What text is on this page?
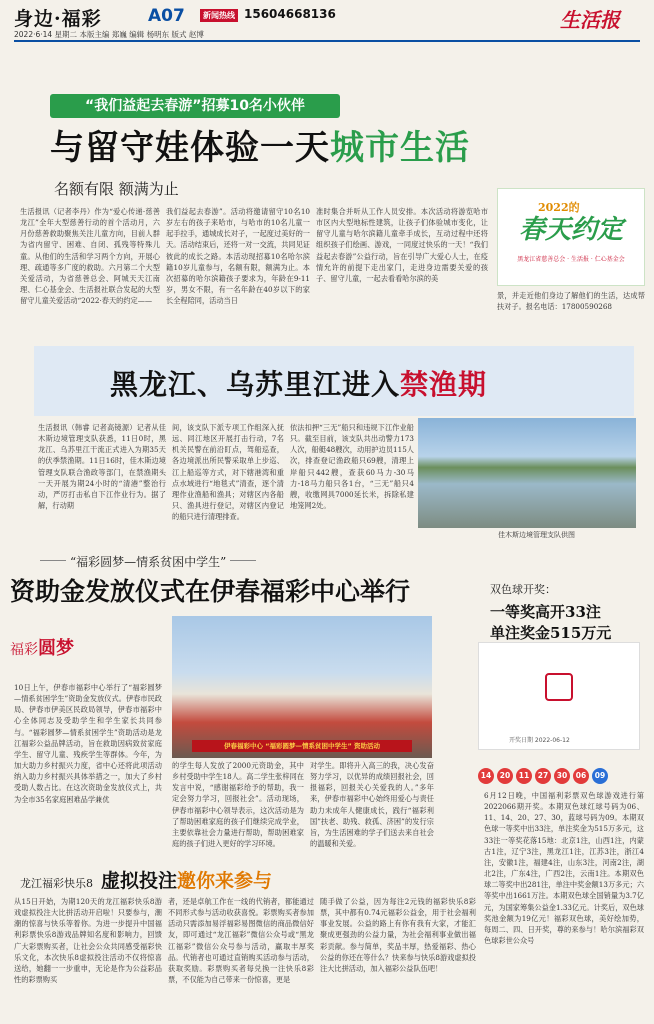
身边·福彩	A07	新闻热线 15604668136	生活报
2022·6·14 星期二 本版主编 郑巍 编辑 杨明东 版式 赵博
“我们益起去春游”招募10名小伙伴
与留守娃体验一天城市生活
名额有限 额满为止
生活报讯（记者李丹）作为“爱心传递·慈善龙江”全年大型慈善行动的首个活动月，六月份慈善救助聚焦关注儿童方向，目前人群为省内留守、困难、自闭、孤残等特殊儿童。从他们的生活和学习两个方向，开展心理、疏通等多广度的救助。六月第二个大型关爱活动，为省慈善总会、阿城天天江南理、仁心基金会、生活报社联合发起的大型留守儿童关爱活动“2022·春天的约定——
我们益起去春游”。活动将邀请留守10名10岁左右的孩子来哈市，与哈市的10名儿童一起手拉手，通城成长对子，一起度过美好的一天。活动结束后，还将一对一交流，共同见证彼此的成长之路。本活动现招募10名哈尔滨籍10岁儿童参与，名额有限，额满为止。本次招募的哈尔滨籍孩子要求为，年龄在9-11岁，男女不限，有一名年龄在40岁以下的家长全程陪同，活动当日
准时集合并听从工作人员安排。本次活动将游览哈市市区内大型地标性建筑，让孩子们体验城市变化，让留守儿童与哈尔滨籍儿童牵手成长，互动过程中还将组织孩子们绘画、游戏，一同度过快乐的一天！“我们益起去春游”公益行动，旨在引导广大爱心人士，在疫情允许的前提下走出家门，走进身边需要关爱的孩子、留守儿童，一起去看看哈尔滨的美
2022的
春天约定
黑龙江省慈善总会 · 生活报 · 仁心基金会
景，并走近他们身边了解他们的生活，达成帮扶对子。报名电话：17800590268
黑龙江、乌苏里江进入禁渔期
生活报讯（韩睿 记者高镜源）记者从佳木斯边境管理支队获悉，11日0时，黑龙江、乌苏里江干流正式进入为期35天的伏季禁渔期。11日16时，佳木斯边境管理支队联合渔政等部门，在禁渔期头一天开展为期24小时的“清港”整治行动，严厉打击私自下江作业行为。据了解，行动期
间，该支队下派专项工作组深入抚远、同江地区开展打击行动，7名机关民警在前沿盯点，驾船巡查，各边境派出所民警采取单上步巡、江上船巡等方式，对下辖港湾和重点水域进行“地毯式”清查，逐个清理作业渔船和渔具；对辖区内各船只、渔具进行登记，对辖区内登记的船只进行清理排查。
依法扣押“三无”船只和违规下江作业船只。截至目前，该支队共出动警力173人次，船艇48艘次，动用护边员115人次，排查登记渔政船只69艘，清理上岸船只442艘，查获60马力-30马力-18马力船只各1台，“三无”船只4艘，收缴网具7000延长米，拆除私建地笼网2处。
佳木斯边境管理支队供图
“福彩圆梦—情系贫困中学生”
资助金发放仪式在伊春福彩中心举行
福彩圆梦
伊春福彩中心 “福彩圆梦—情系贫困中学生” 资助活动
10日上午，伊春市福彩中心举行了“福彩圆梦—情系贫困学生”资助金发放仪式。伊春市民政局、伊春市伊美区民政局领导，伊春市福彩中心全体同志及受助学生和学生家长共同参与。“福彩圆梦—情系贫困学生”资助活动是龙江福彩公益品牌活动，旨在救助因病致贫家庭学生、留守儿童、残疾学生等群体。今年，为加大助力乡村振兴力度，省中心还将此项活动纳入助力乡村振兴具体举措之一，加大了乡村受助人数占比。在这次资助金发放仪式上，共为全市35名家庭困难品学兼优
的学生每人发放了2000元资助金，其中乡村受助中学生18人。高二学生张梓同在发言中说，“感谢福彩给予的帮助，我一定会努力学习，回报社会”。活动现场，伊春市福彩中心领导表示，这次活动是为了帮助困难家庭的孩子们继续完成学业，主要依靠社会力量进行帮助，帮助困难家庭的孩子们进入更好的学习环境。
对学生。即将升入高三的我，决心发奋努力学习，以优异的成绩回报社会，回报福彩，回报关心关爱我的人。”多年来，伊春市福彩中心始终用爱心与责任助力未成年人健康成长，践行“福彩利国”扶老、助残、救孤、济困”的发行宗旨，为生活困难的学子们送去来自社会的温暖和关爱。
双色球开奖：
一等奖高开33注
单注奖金515万元
开奖日期 2022-06-12
14 20 11 27 30 06 09
6月12日晚，中国福利彩票双色球游戏进行第2022066期开奖。本期双色球红球号码为06、11、14、20、27、30，蓝球号码为09。本期双色球一等奖中出33注，单注奖金为515万多元，这33注一等奖花落15地：北京1注，山西1注，内蒙古1注，辽宁3注，黑龙江1注，江苏3注，浙江4注，安徽1注，福建4注，山东3注，河南2注，湖北2注，广东4注，广西2注，云南1注。本期双色球二等奖中出281注，单注中奖金额13万多元；六等奖中出1661万注。本期双色球全国销量为3.7亿元，为国家筹集公益金1.33亿元。计奖后，双色球奖池金额为19亿元！福彩双色球，美好绘加势，每周二、四、日开奖，尊的来参与！哈尔滨福彩双色球彩世公众号
龙江福彩快乐8 虚拟投注邀你来参与
从15日开始，为期120天的龙江福彩快乐8游戏虚拟投注大比拼活动开启啦！只要参与，潮潮的惊喜与快乐等着你。为进一步提升中国福利彩票快乐8游戏品牌知名度和影响力，回馈广大彩票购买者，让社会公众共同感受福彩快乐文化，本次快乐8虚拟投注活动不仅将惊喜送给，她翻一一步重申，无论是作为公益彩品性的彩票购买
者，还是卓航工作在一线的代销者，都能通过不同形式参与活动收获喜悦。彩票购买者参加活动只需添加易浮福彩易图微信的商品微信好友，即可通过“龙江福彩”微信公众号或“黑龙江福彩”微信公众号参与活动，赢取丰厚奖品。代销者也可通过直销购买活动参与活动，获取奖励。彩票购买者每兑换一注快乐8彩票，不仅能为自己带来一份惊喜，更是
随手做了公益，因为每注2元钱的福彩快乐8彩票，其中都有0.74元福彩公益金，用于社会福利事业发展。公益的路上有你有我有大家，才能汇聚成更强劲的公益力量，为社会福利事业做出福彩贡献。参与简单，奖品丰厚，热爱福彩、热心公益的你还在等什么？快来参与快乐8游戏虚拟投注大比拼活动，加入福彩公益队伍吧！
